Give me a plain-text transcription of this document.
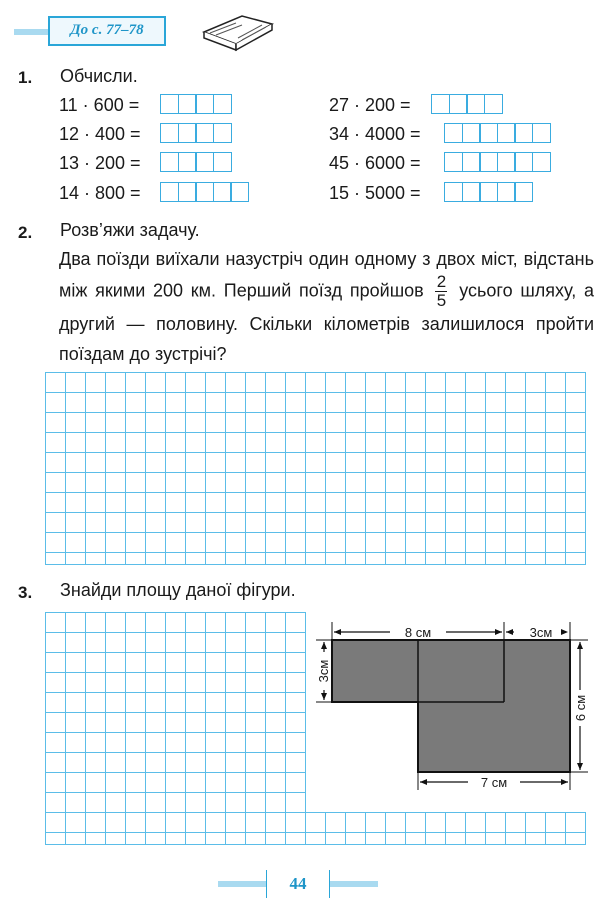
До с. 77–78
1. Обчисли.
11 · 600 =
12 · 400 =
13 · 200 =
14 · 800 =
27 · 200 =
34 · 4000 =
45 · 6000 =
15 · 5000 =
2. Розв’яжи задачу.
Два поїзди виїхали назустріч один одному з двох міст, відстань між якими 200 км. Перший поїзд пройшов $\frac{2}{5}$ усього шляху, а другий — половину. Скільки кілометрів залишилося пройти поїздам до зустрічі?
3. Знайди площу даної фігури.
8 см	3см
3см
6 см
7 см
44
